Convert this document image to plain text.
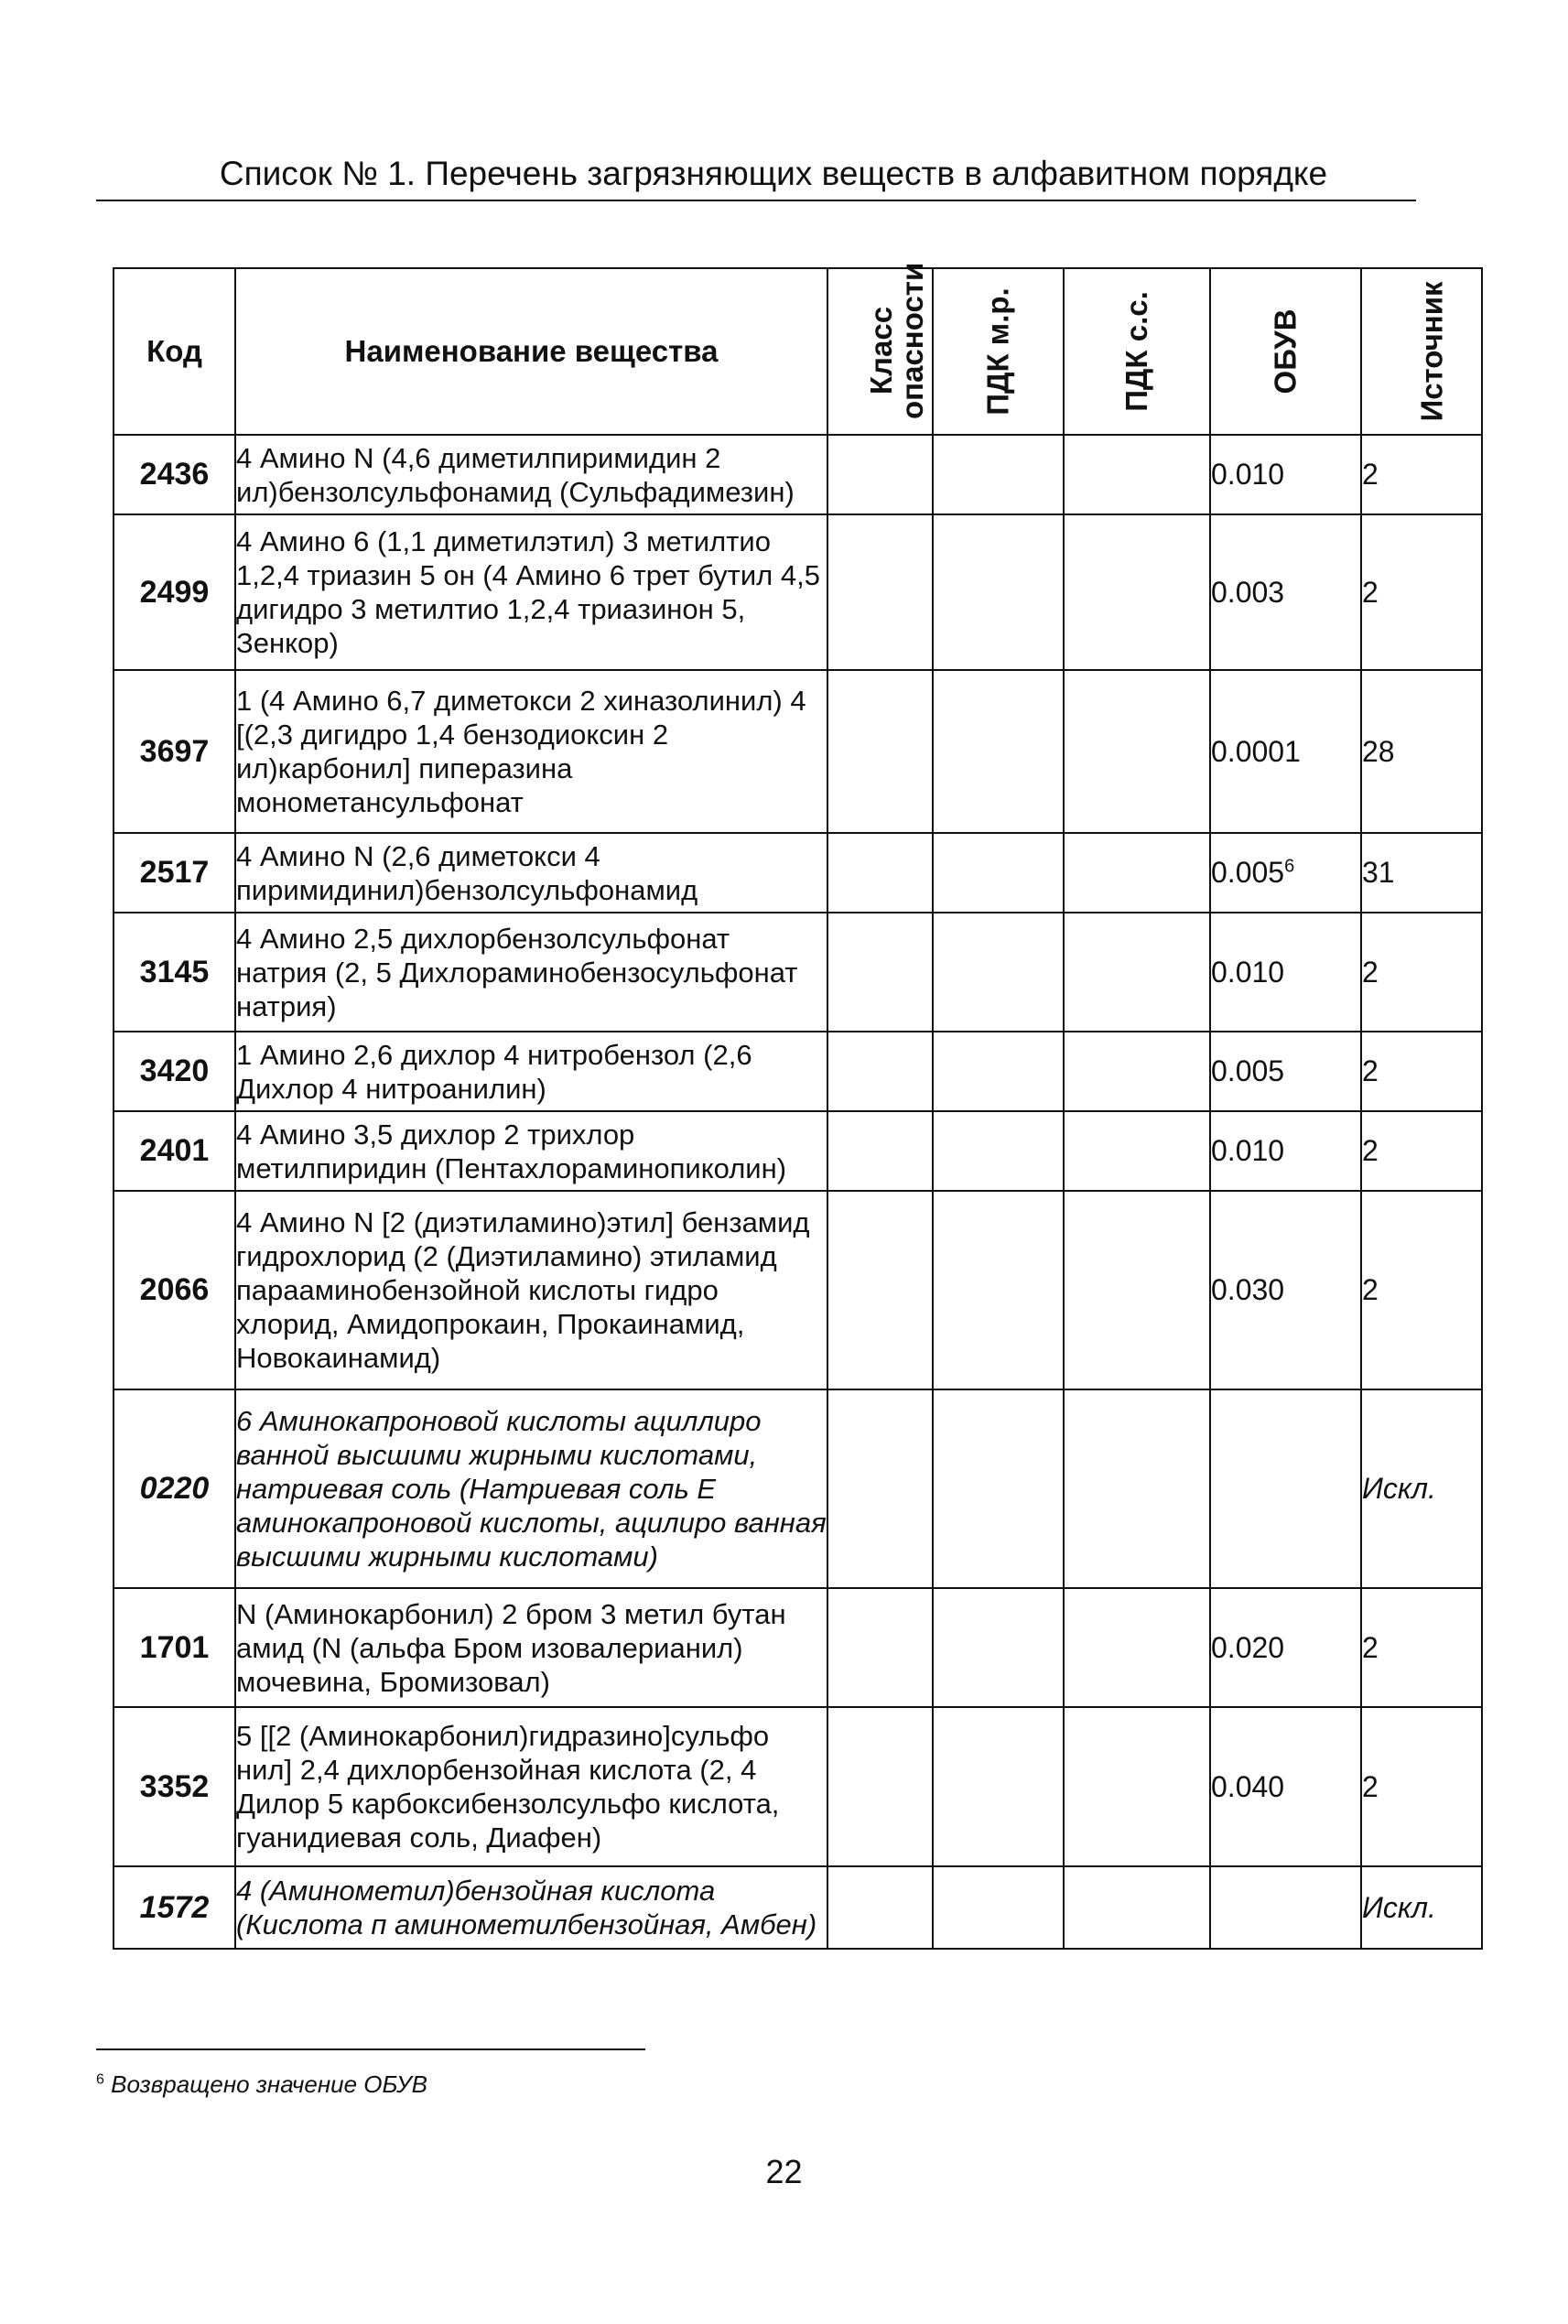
Список № 1. Перечень загрязняющих веществ в алфавитном порядке
Код	Наименование вещества	Класс опасности	ПДК м.р.	ПДК с.с.	ОБУВ	Источник
2436	4 Амино N (4,6 диметилпиримидин 2 ил)бензолсульфонамид (Сульфадимезин)				0.010	2
2499	4 Амино 6 (1,1 диметилэтил) 3 метилтио 1,2,4 триазин 5 он (4 Амино 6 трет бутил 4,5 дигидро 3 метилтио 1,2,4 триазинон 5, Зенкор)				0.003	2
3697	1 (4 Амино 6,7 диметокси 2 хиназолинил) 4 [(2,3 дигидро 1,4 бензодиоксин 2 ил)карбонил] пиперазина монометансульфонат				0.0001	28
2517	4 Амино N (2,6 диметокси 4 пиримидинил)бензолсульфонамид				0.005$^6$	31
3145	4 Амино 2,5 дихлорбензолсульфонат натрия (2, 5 Дихлораминобензосульфонат натрия)				0.010	2
3420	1 Амино 2,6 дихлор 4 нитробензол (2,6 Дихлор 4 нитроанилин)				0.005	2
2401	4 Амино 3,5 дихлор 2 трихлор метилпиридин (Пентахлораминопиколин)				0.010	2
2066	4 Амино N [2 (диэтиламино)этил] бензамид гидрохлорид (2 (Диэтиламино) этиламид парааминобензойной кислоты гидро хлорид, Амидопрокаин, Прокаинамид, Новокаинамид)				0.030	2
0220	6 Аминокапроновой кислоты ациллиро ванной высшими жирными кислотами, натриевая соль (Натриевая соль Е аминокапроновой кислоты, ацилиро ванная высшими жирными кислотами)					Искл.
1701	N (Аминокарбонил) 2 бром 3 метил бутан амид (N (альфа Бром изовалерианил) мочевина, Бромизовал)				0.020	2
3352	5 [[2 (Аминокарбонил)гидразино]сульфо нил] 2,4 дихлорбензойная кислота (2, 4 Дилор 5 карбоксибензолсульфо кислота, гуанидиевая соль, Диафен)				0.040	2
1572	4 (Аминометил)бензойная кислота (Кислота п аминометилбензойная, Амбен)					Искл.
$^6$ Возвращено значение ОБУВ
22
